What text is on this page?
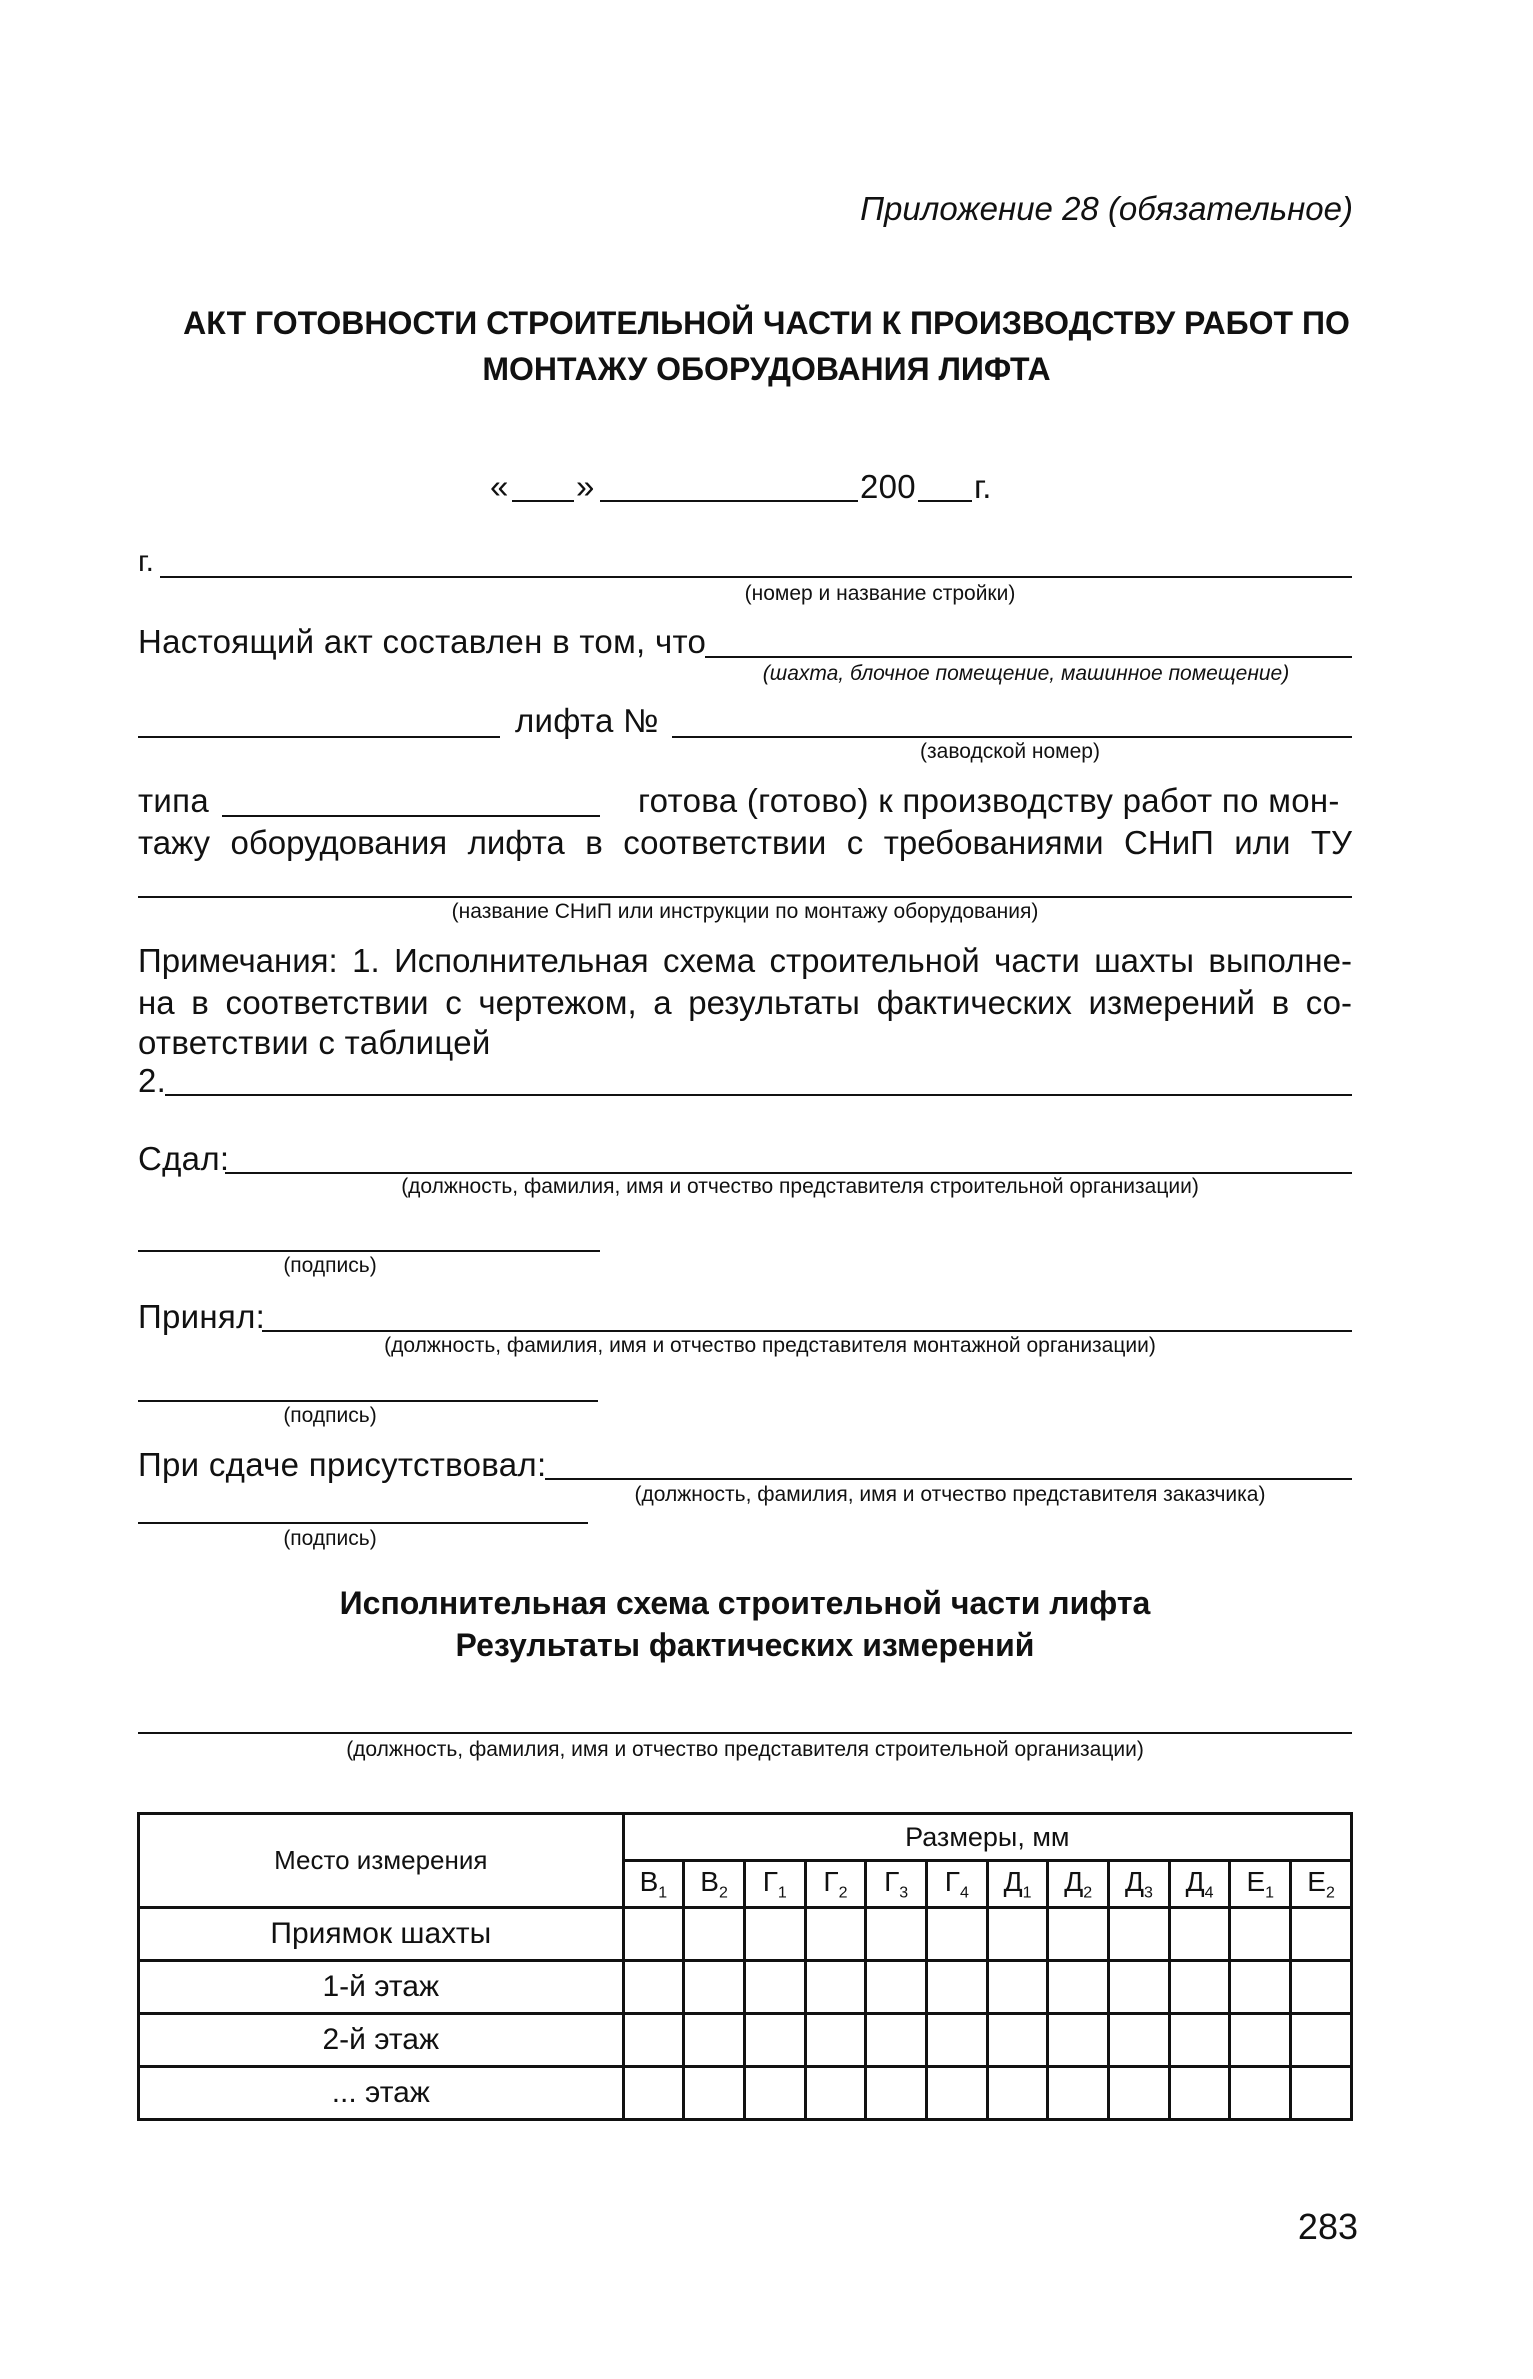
Приложение 28 (обязательное)
АКТ ГОТОВНОСТИ СТРОИТЕЛЬНОЙ ЧАСТИ К ПРОИЗВОДСТВУ РАБОТ ПО
МОНТАЖУ ОБОРУДОВАНИЯ ЛИФТА
« »	200 г.
г.
(номер и название стройки)
Настоящий акт составлен в том, что
(шахта, блочное помещение, машинное помещение)
лифта №
(заводской номер)
типа	готова (готово) к производству работ по мон-
тажу оборудования лифта в соответствии с требованиями СНиП или ТУ
(название СНиП или инструкции по монтажу оборудования)
Примечания: 1. Исполнительная схема строительной части шахты выполне-
на в соответствии с чертежом, а результаты фактических измерений в со-
ответствии с таблицей
2.
Сдал:
(должность, фамилия, имя и отчество представителя строительной организации)
(подпись)
Принял:
(должность, фамилия, имя и отчество представителя монтажной организации)
(подпись)
При сдаче присутствовал:
(должность, фамилия, имя и отчество представителя заказчика)
(подпись)
Исполнительная схема строительной части лифта
Результаты фактических измерений
(должность, фамилия, имя и отчество представителя строительной организации)
Место измерения	Размеры, мм											
	$В_1$	$В_2$	$Г_1$	$Г_2$	$Г_3$	$Г_4$	$Д_1$	$Д_2$	$Д_3$	$Д_4$	$Е_1$	$Е_2$
Приямок шахты												
1-й этаж												
2-й этаж												
... этаж												
283
